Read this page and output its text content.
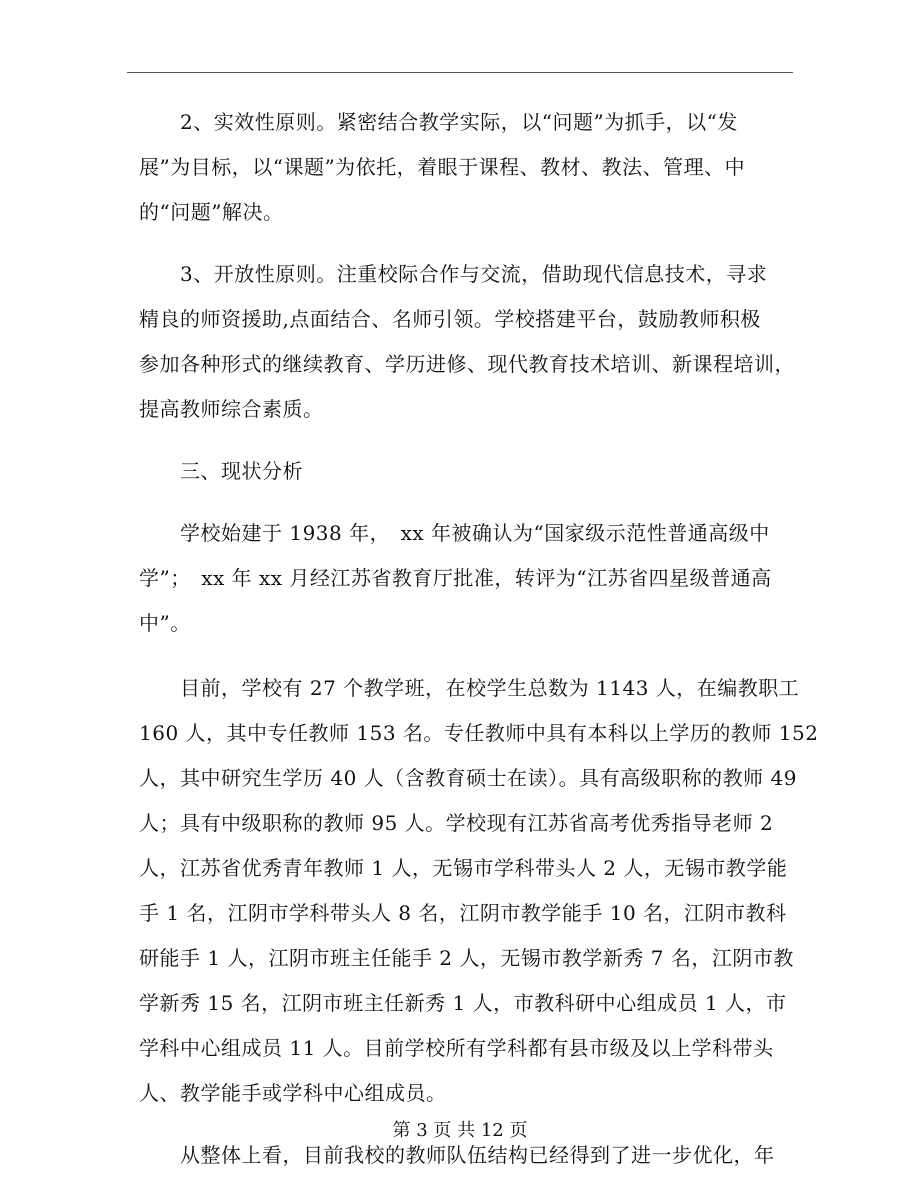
　　2、实效性原则。紧密结合教学实际，以“问题”为抓手，以“发
展”为目标，以“课题”为依托，着眼于课程、教材、教法、管理、中
的“问题”解决。

　　3、开放性原则。注重校际合作与交流，借助现代信息技术，寻求
精良的师资援助,点面结合、名师引领。学校搭建平台，鼓励教师积极
参加各种形式的继续教育、学历进修、现代教育技术培训、新课程培训，
提高教师综合素质。

　　三、现状分析

　　学校始建于 1938 年，　xx 年被确认为“国家级示范性普通高级中
学”；　xx 年 xx 月经江苏省教育厅批准，转评为“江苏省四星级普通高
中”。

　　目前，学校有 27 个教学班，在校学生总数为 1143 人，在编教职工
160 人，其中专任教师 153 名。专任教师中具有本科以上学历的教师 152
人，其中研究生学历 40 人（含教育硕士在读）。具有高级职称的教师 49
人；具有中级职称的教师 95 人。学校现有江苏省高考优秀指导老师 2
人，江苏省优秀青年教师 1 人，无锡市学科带头人 2 人，无锡市教学能
手 1 名，江阴市学科带头人 8 名，江阴市教学能手 10 名，江阴市教科
研能手 1 人，江阴市班主任能手 2 人，无锡市教学新秀 7 名，江阴市教
学新秀 15 名，江阴市班主任新秀 1 人，市教科研中心组成员 1 人，市
学科中心组成员 11 人。目前学校所有学科都有县市级及以上学科带头
人、教学能手或学科中心组成员。

　　从整体上看，目前我校的教师队伍结构已经得到了进一步优化，年

第 3 页 共 12 页
